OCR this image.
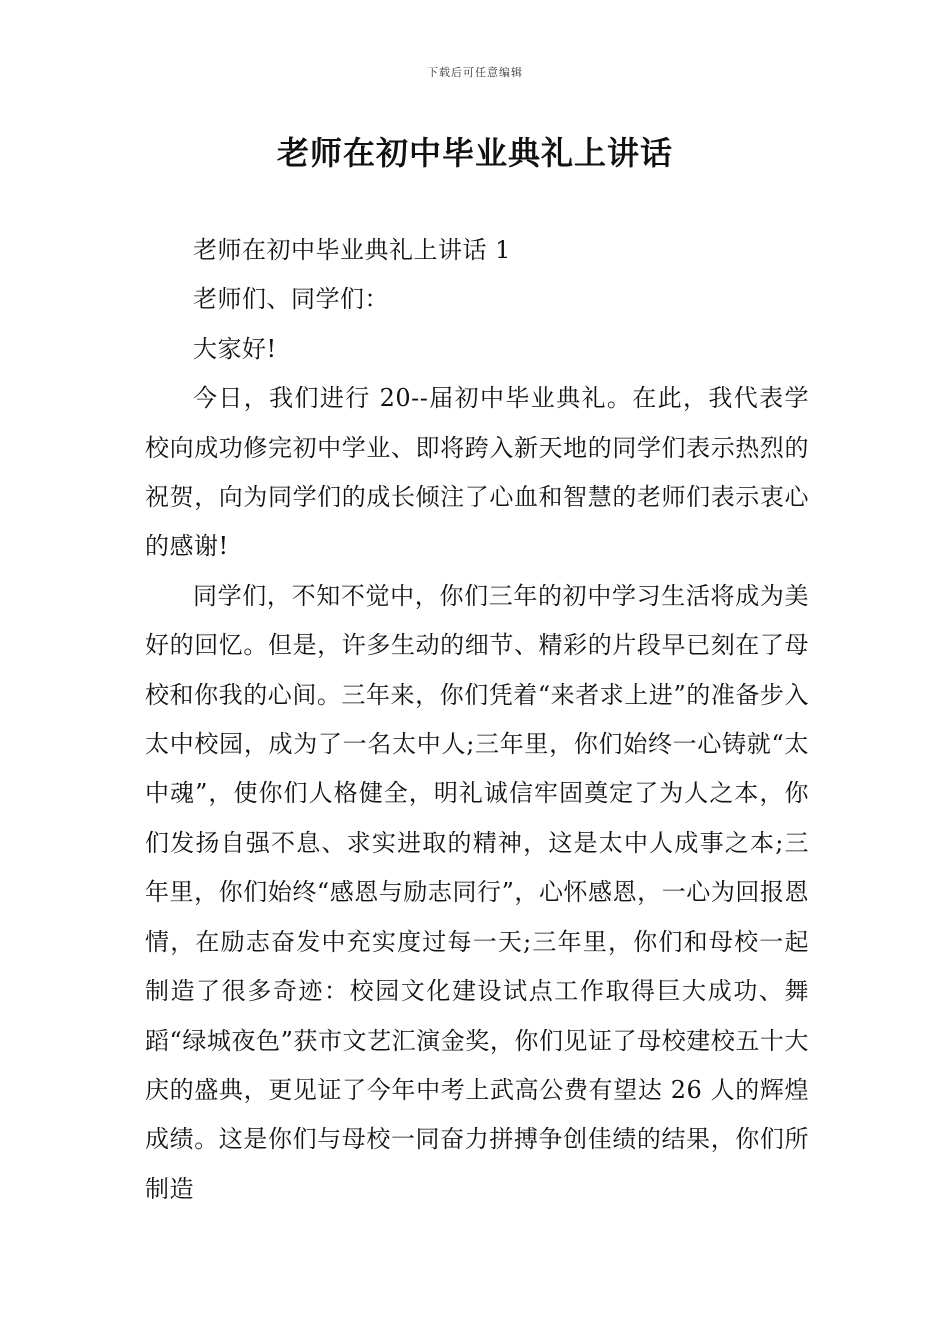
下载后可任意编辑
老师在初中毕业典礼上讲话

老师在初中毕业典礼上讲话 1

老师们、同学们：

大家好!

今日，我们进行 20--届初中毕业典礼。在此，我代表学校向成功修完初中学业、即将跨入新天地的同学们表示热烈的祝贺，向为同学们的成长倾注了心血和智慧的老师们表示衷心的感谢!

同学们，不知不觉中，你们三年的初中学习生活将成为美好的回忆。但是，许多生动的细节、精彩的片段早已刻在了母校和你我的心间。三年来，你们凭着“来者求上进”的准备步入太中校园，成为了一名太中人;三年里，你们始终一心铸就“太中魂”，使你们人格健全，明礼诚信牢固奠定了为人之本，你们发扬自强不息、求实进取的精神，这是太中人成事之本;三年里，你们始终“感恩与励志同行”，心怀感恩，一心为回报恩情，在励志奋发中充实度过每一天;三年里，你们和母校一起制造了很多奇迹：校园文化建设试点工作取得巨大成功、舞蹈“绿城夜色”获市文艺汇演金奖，你们见证了母校建校五十大庆的盛典，更见证了今年中考上武高公费有望达 26 人的辉煌成绩。这是你们与母校一同奋力拼搏争创佳绩的结果，你们所制造
